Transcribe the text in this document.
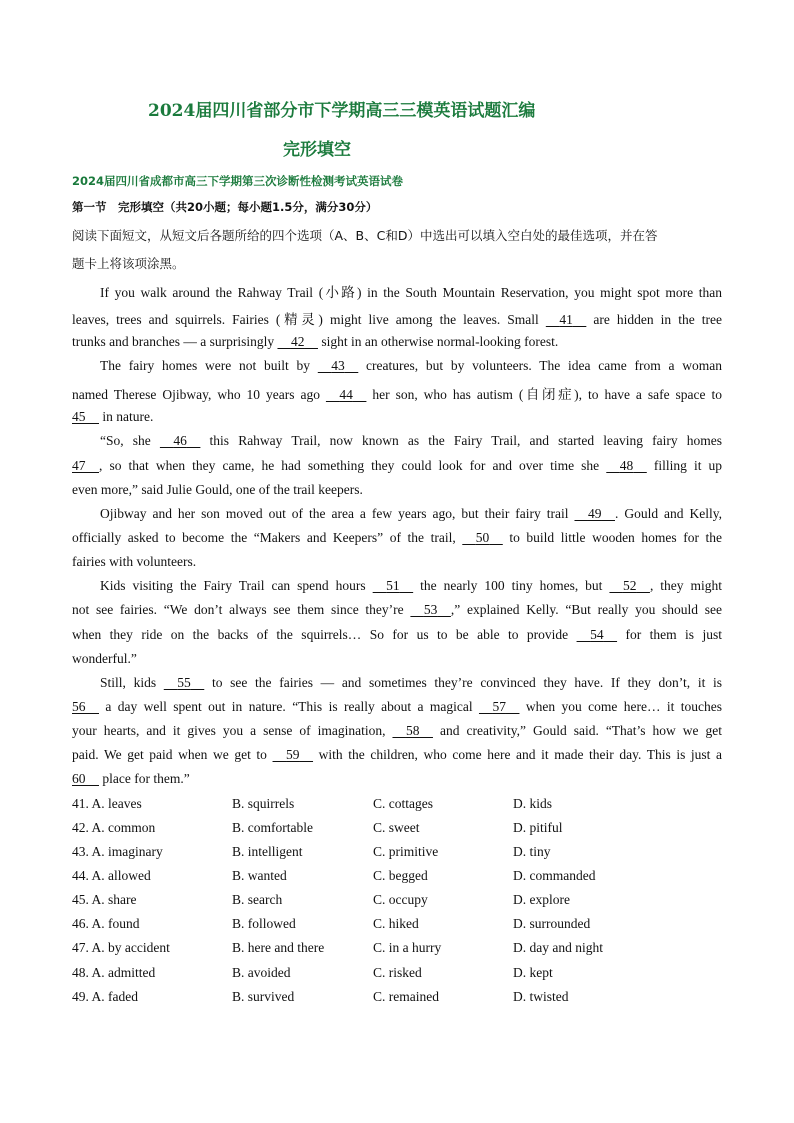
2024届四川省部分市下学期高三三模英语试题汇编
完形填空
2024届四川省成都市高三下学期第三次诊断性检测考试英语试卷
第一节　完形填空（共20小题；每小题1.5分，满分30分）
阅读下面短文，从短文后各题所给的四个选项（A、B、C和D）中选出可以填入空白处的最佳选项，并在答
题卡上将该项涂黑。
If you walk around the Rahway Trail (小路) in the South Mountain Reservation, you might spot more than
leaves, trees and squirrels. Fairies (精灵) might live among the leaves. Small 41 are hidden in the tree
trunks and branches — a surprisingly 42 sight in an otherwise normal-looking forest.
The fairy homes were not built by 43 creatures, but by volunteers. The idea came from a woman
named Therese Ojibway, who 10 years ago 44 her son, who has autism (自闭症), to have a safe space to
45 in nature.
“So, she 46 this Rahway Trail, now known as the Fairy Trail, and started leaving fairy homes
47 , so that when they came, he had something they could look for and over time she 48 filling it up
even more,” said Julie Gould, one of the trail keepers.
Ojibway and her son moved out of the area a few years ago, but their fairy trail 49 . Gould and Kelly,
officially asked to become the “Makers and Keepers” of the trail, 50 to build little wooden homes for the
fairies with volunteers.
Kids visiting the Fairy Trail can spend hours 51 the nearly 100 tiny homes, but 52 , they might
not see fairies. “We don’t always see them since they’re 53 ,” explained Kelly. “But really you should see
when they ride on the backs of the squirrels… So for us to be able to provide 54 for them is just
wonderful.”
Still, kids 55 to see the fairies — and sometimes they’re convinced they have. If they don’t, it is
56 a day well spent out in nature. “This is really about a magical 57 when you come here… it touches
your hearts, and it gives you a sense of imagination, 58 and creativity,” Gould said. “That’s how we get
paid. We get paid when we get to 59 with the children, who come here and it made their day. This is just a
60 place for them.”
41. A. leaves	B. squirrels	C. cottages	D. kids
42. A. common	B. comfortable	C. sweet	D. pitiful
43. A. imaginary	B. intelligent	C. primitive	D. tiny
44. A. allowed	B. wanted	C. begged	D. commanded
45. A. share	B. search	C. occupy	D. explore
46. A. found	B. followed	C. hiked	D. surrounded
47. A. by accident	B. here and there	C. in a hurry	D. day and night
48. A. admitted	B. avoided	C. risked	D. kept
49. A. faded	B. survived	C. remained	D. twisted
